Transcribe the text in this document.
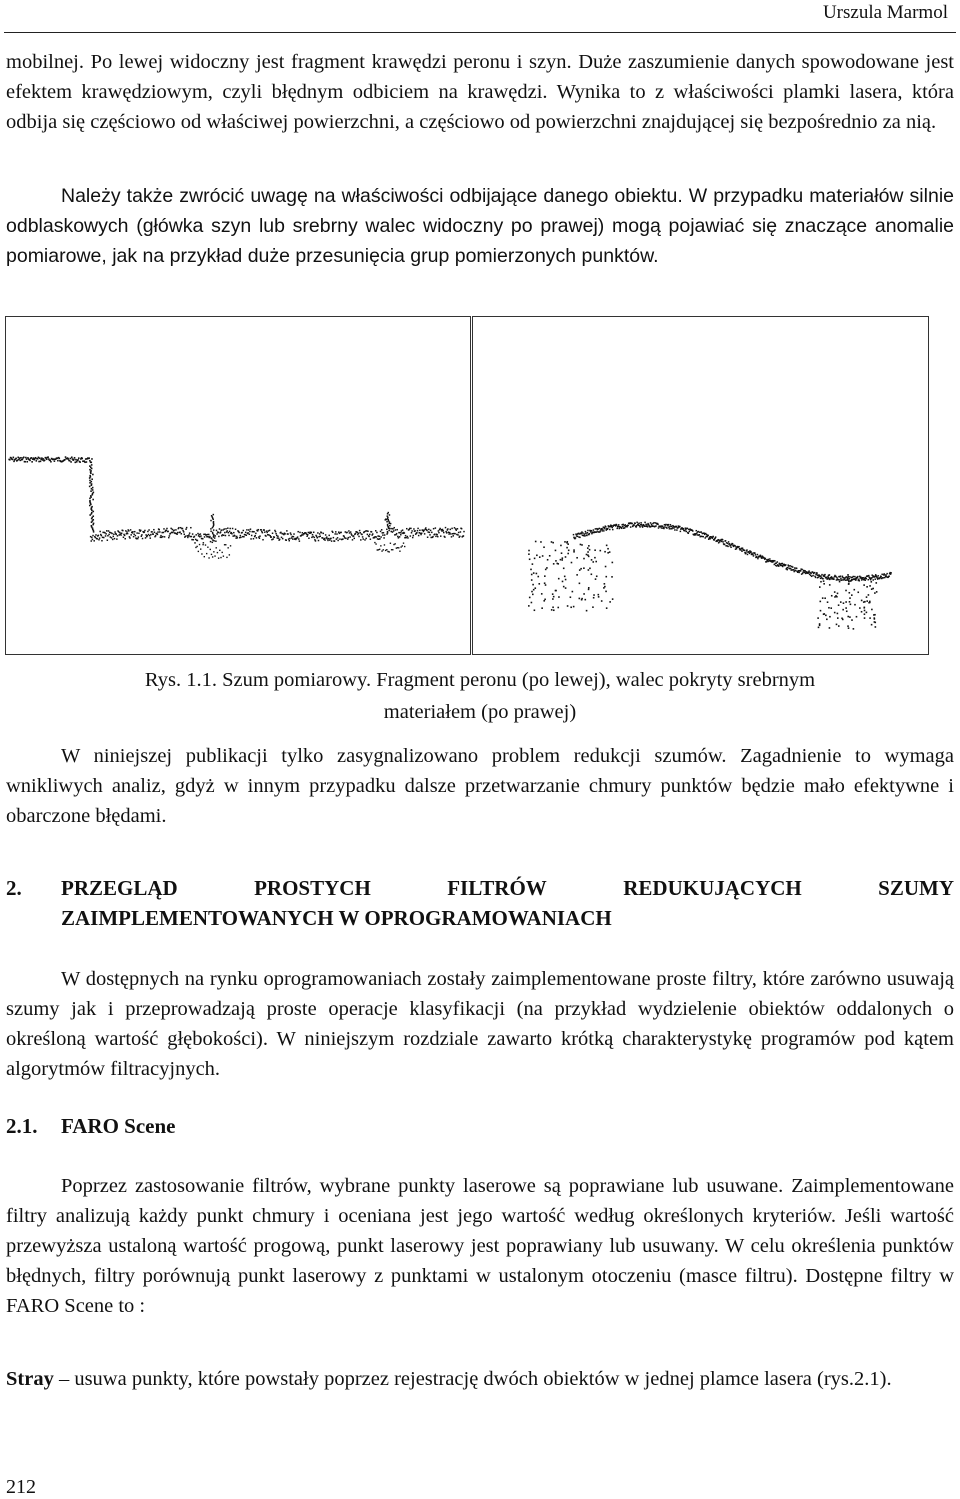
Urszula Marmol

mobilnej. Po lewej widoczny jest fragment krawędzi peronu i szyn. Duże zaszumienie danych spowodowane jest efektem krawędziowym, czyli błędnym odbiciem na krawędzi. Wynika to z właściwości plamki lasera, która odbija się częściowo od właściwej powierzchni, a częściowo od powierzchni znajdującej się bezpośrednio za nią.

Należy także zwrócić uwagę na właściwości odbijające danego obiektu. W przypadku materiałów silnie odblaskowych (główka szyn lub srebrny walec widoczny po prawej) mogą pojawiać się znaczące anomalie pomiarowe, jak na przykład duże przesunięcia grup pomierzonych punktów.

Rys. 1.1. Szum pomiarowy. Fragment peronu (po lewej), walec pokryty srebrnym

materiałem (po prawej)

W niniejszej publikacji tylko zasygnalizowano problem redukcji szumów. Zagadnienie to wymaga wnikliwych analiz, gdyż w innym przypadku dalsze przetwarzanie chmury punktów będzie mało efektywne i obarczone błędami.

2.	PRZEGLĄD	PROSTYCH	FILTRÓW	REDUKUJĄCYCH	SZUMY
ZAIMPLEMENTOWANYCH W OPROGRAMOWANIACH

W dostępnych na rynku oprogramowaniach zostały zaimplementowane proste filtry, które zarówno usuwają szumy jak i przeprowadzają proste operacje klasyfikacji (na przykład wydzielenie obiektów oddalonych o określoną wartość głębokości). W niniejszym rozdziale zawarto krótką charakterystykę programów pod kątem algorytmów filtracyjnych.

2.1. FARO Scene

Poprzez zastosowanie filtrów, wybrane punkty laserowe są poprawiane lub usuwane. Zaimplementowane filtry analizują każdy punkt chmury i oceniana jest jego wartość według określonych kryteriów. Jeśli wartość przewyższa ustaloną wartość progową, punkt laserowy jest poprawiany lub usuwany. W celu określenia punktów błędnych, filtry porównują punkt laserowy z punktami w ustalonym otoczeniu (masce filtru). Dostępne filtry w FARO Scene to :

Stray – usuwa punkty, które powstały poprzez rejestrację dwóch obiektów w jednej plamce lasera (rys.2.1).

212
